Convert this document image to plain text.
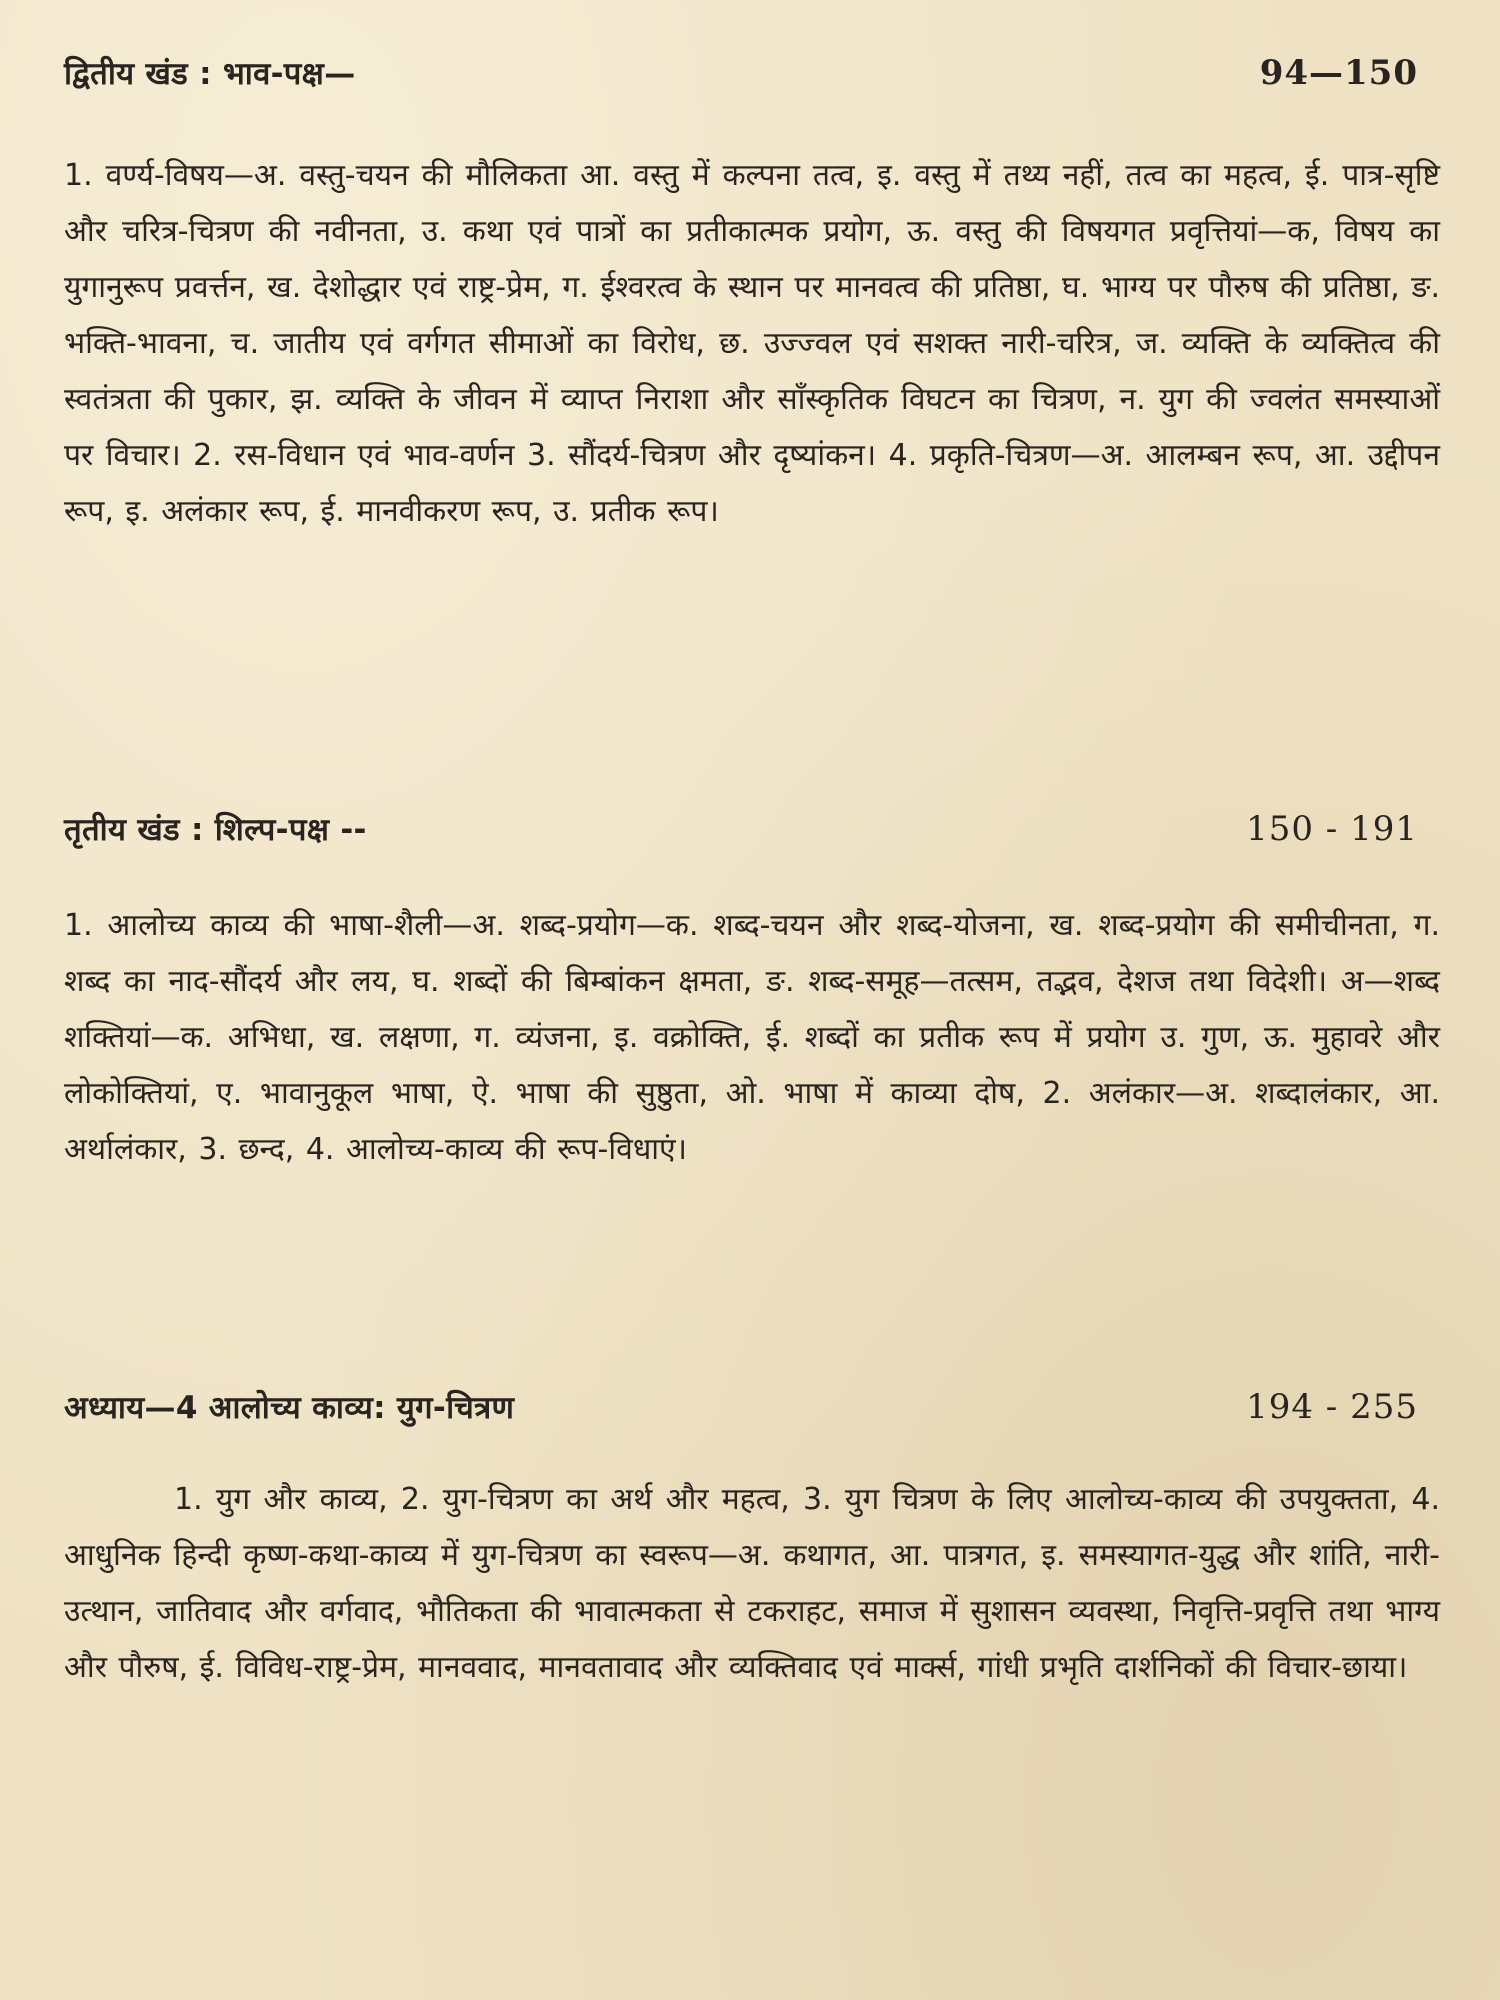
द्वितीय खंड : भाव-पक्ष—	94—150

1. वर्ण्य-विषय—अ. वस्तु-चयन की मौलिकता आ. वस्तु में कल्पना तत्व, इ. वस्तु में तथ्य नहीं, तत्व का महत्व, ई. पात्र-सृष्टि और चरित्र-चित्रण की नवीनता, उ. कथा एवं पात्रों का प्रतीकात्मक प्रयोग, ऊ. वस्तु की विषयगत प्रवृत्तियां—क, विषय का युगानुरूप प्रवर्त्तन, ख. देशोद्धार एवं राष्ट्र-प्रेम, ग. ईश्वरत्व के स्थान पर मानवत्व की प्रतिष्ठा, घ. भाग्य पर पौरुष की प्रतिष्ठा, ङ. भक्ति-भावना, च. जातीय एवं वर्गगत सीमाओं का विरोध, छ. उज्ज्वल एवं सशक्त नारी-चरित्र, ज. व्यक्ति के व्यक्तित्व की स्वतंत्रता की पुकार, झ. व्यक्ति के जीवन में व्याप्त निराशा और साँस्कृतिक विघटन का चित्रण, न. युग की ज्वलंत समस्याओं पर विचार। 2. रस-विधान एवं भाव-वर्णन 3. सौंदर्य-चित्रण और दृष्यांकन। 4. प्रकृति-चित्रण—अ. आलम्बन रूप, आ. उद्दीपन रूप, इ. अलंकार रूप, ई. मानवीकरण रूप, उ. प्रतीक रूप।

तृतीय खंड : शिल्प-पक्ष --	150 - 191

1. आलोच्य काव्य की भाषा-शैली—अ. शब्द-प्रयोग—क. शब्द-चयन और शब्द-योजना, ख. शब्द-प्रयोग की समीचीनता, ग. शब्द का नाद-सौंदर्य और लय, घ. शब्दों की बिम्बांकन क्षमता, ङ. शब्द-समूह—तत्सम, तद्भव, देशज तथा विदेशी। अ—शब्द शक्तियां—क. अभिधा, ख. लक्षणा, ग. व्यंजना, इ. वक्रोक्ति, ई. शब्दों का प्रतीक रूप में प्रयोग उ. गुण, ऊ. मुहावरे और लोकोक्तियां, ए. भावानुकूल भाषा, ऐ. भाषा की सुष्ठुता, ओ. भाषा में काव्या दोष, 2. अलंकार—अ. शब्दालंकार, आ. अर्थालंकार, 3. छन्द, 4. आलोच्य-काव्य की रूप-विधाएं।

अध्याय—4 आलोच्य काव्य: युग-चित्रण	194 - 255

1. युग और काव्य, 2. युग-चित्रण का अर्थ और महत्व, 3. युग चित्रण के लिए आलोच्य-काव्य की उपयुक्तता, 4. आधुनिक हिन्दी कृष्ण-कथा-काव्य में युग-चित्रण का स्वरूप—अ. कथागत, आ. पात्रगत, इ. समस्यागत-युद्ध और शांति, नारी-उत्थान, जातिवाद और वर्गवाद, भौतिकता की भावात्मकता से टकराहट, समाज में सुशासन व्यवस्था, निवृत्ति-प्रवृत्ति तथा भाग्य और पौरुष, ई. विविध-राष्ट्र-प्रेम, मानववाद, मानवतावाद और व्यक्तिवाद एवं मार्क्स, गांधी प्रभृति दार्शनिकों की विचार-छाया।
